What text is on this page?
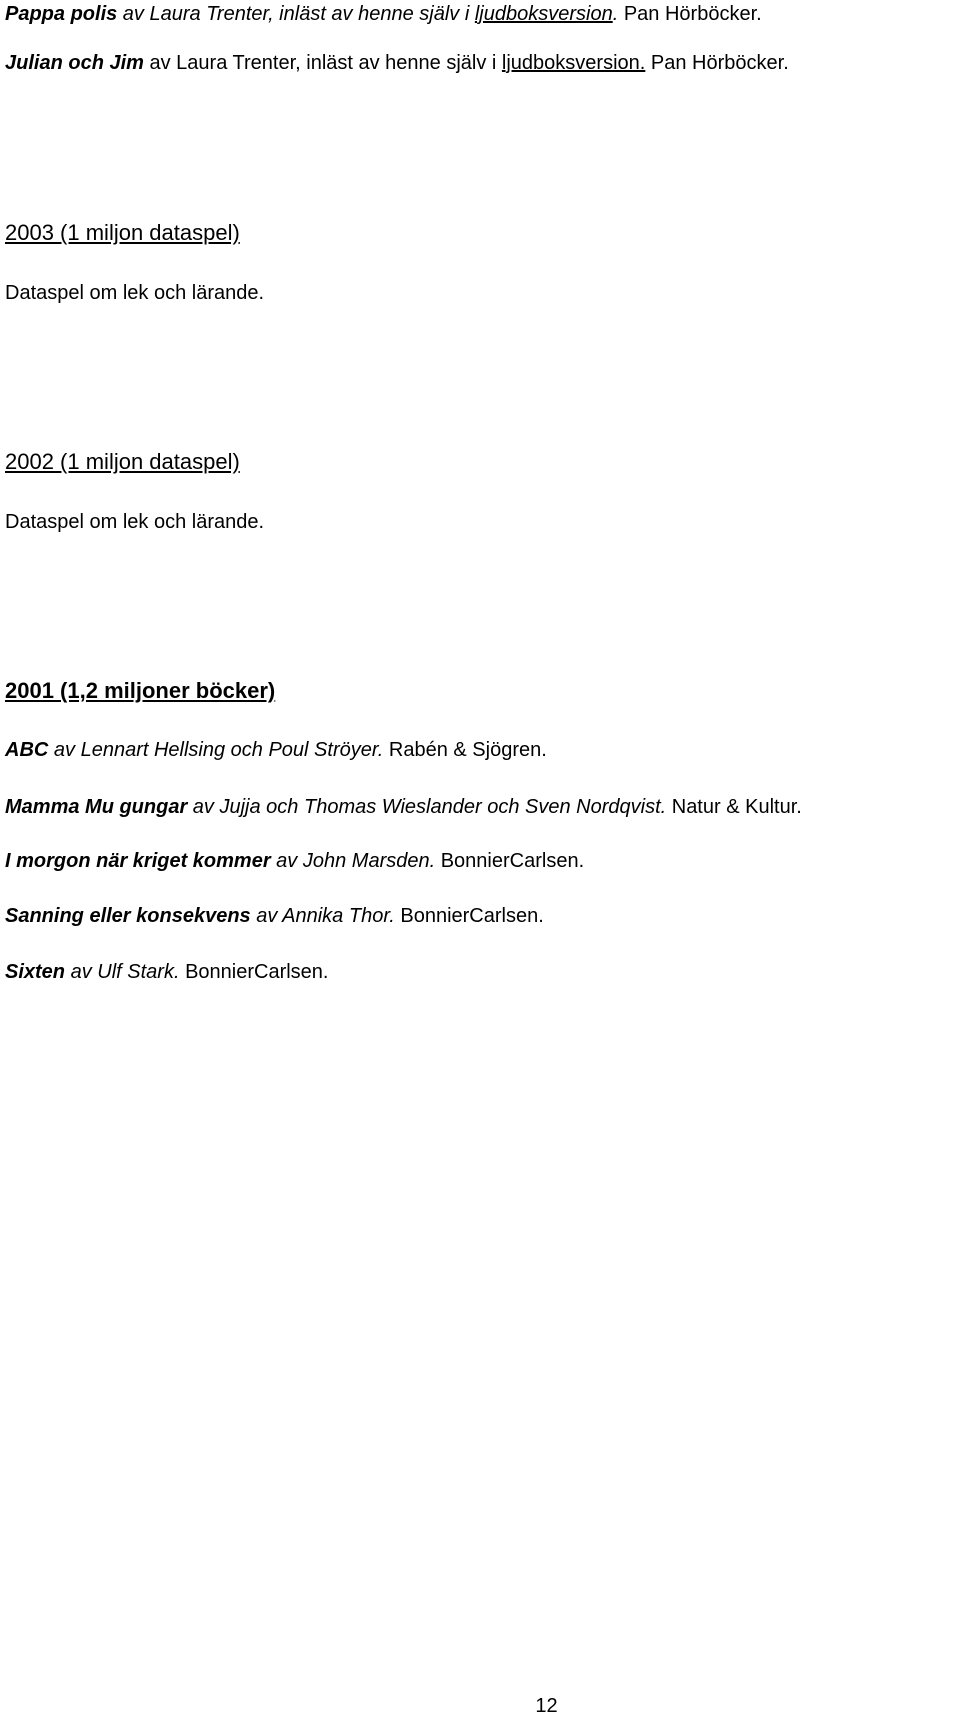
Pappa polis av Laura Trenter, inläst av henne själv i ljudboksversion. Pan Hörböcker.

Julian och Jim av Laura Trenter, inläst av henne själv i ljudboksversion. Pan Hörböcker.

2003 (1 miljon dataspel)

Dataspel om lek och lärande.

2002 (1 miljon dataspel)

Dataspel om lek och lärande.

2001 (1,2 miljoner böcker)

ABC av Lennart Hellsing och Poul Ströyer. Rabén & Sjögren.

Mamma Mu gungar av Jujja och Thomas Wieslander och Sven Nordqvist. Natur & Kultur.

I morgon när kriget kommer av John Marsden. BonnierCarlsen.

Sanning eller konsekvens av Annika Thor. BonnierCarlsen.

Sixten av Ulf Stark. BonnierCarlsen.

12
